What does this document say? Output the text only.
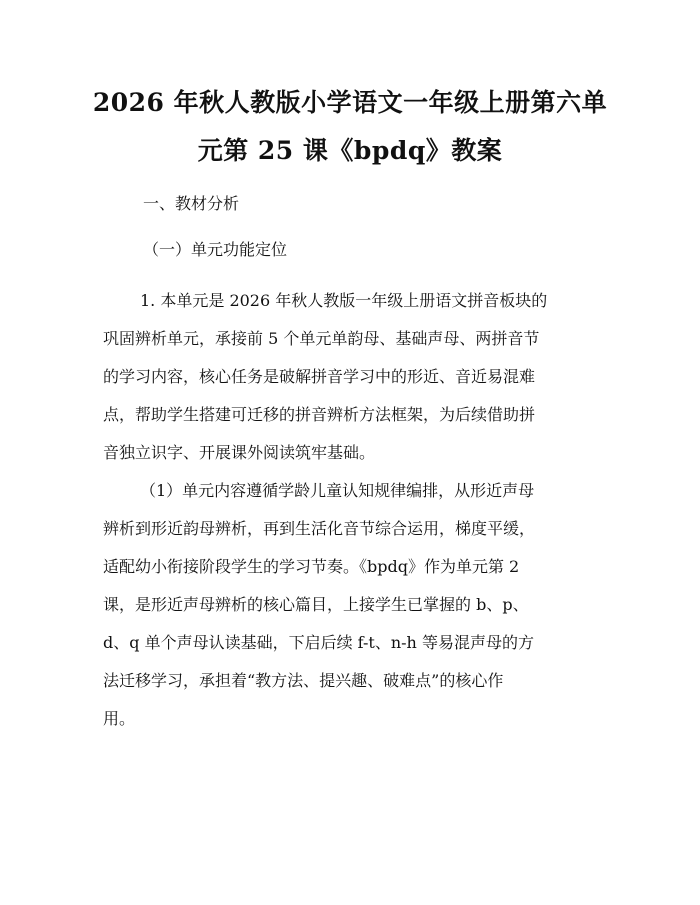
2026 年秋人教版小学语文一年级上册第六单
元第 25 课《bpdq》教案
一、教材分析
（一）单元功能定位
1. 本单元是 2026 年秋人教版一年级上册语文拼音板块的
巩固辨析单元，承接前 5 个单元单韵母、基础声母、两拼音节
的学习内容，核心任务是破解拼音学习中的形近、音近易混难
点，帮助学生搭建可迁移的拼音辨析方法框架，为后续借助拼
音独立识字、开展课外阅读筑牢基础。
（1）单元内容遵循学龄儿童认知规律编排，从形近声母
辨析到形近韵母辨析，再到生活化音节综合运用，梯度平缓，
适配幼小衔接阶段学生的学习节奏。《bpdq》作为单元第 2
课，是形近声母辨析的核心篇目，上接学生已掌握的 b、p、
d、q 单个声母认读基础，下启后续 f-t、n-h 等易混声母的方
法迁移学习，承担着“教方法、提兴趣、破难点”的核心作
用。
